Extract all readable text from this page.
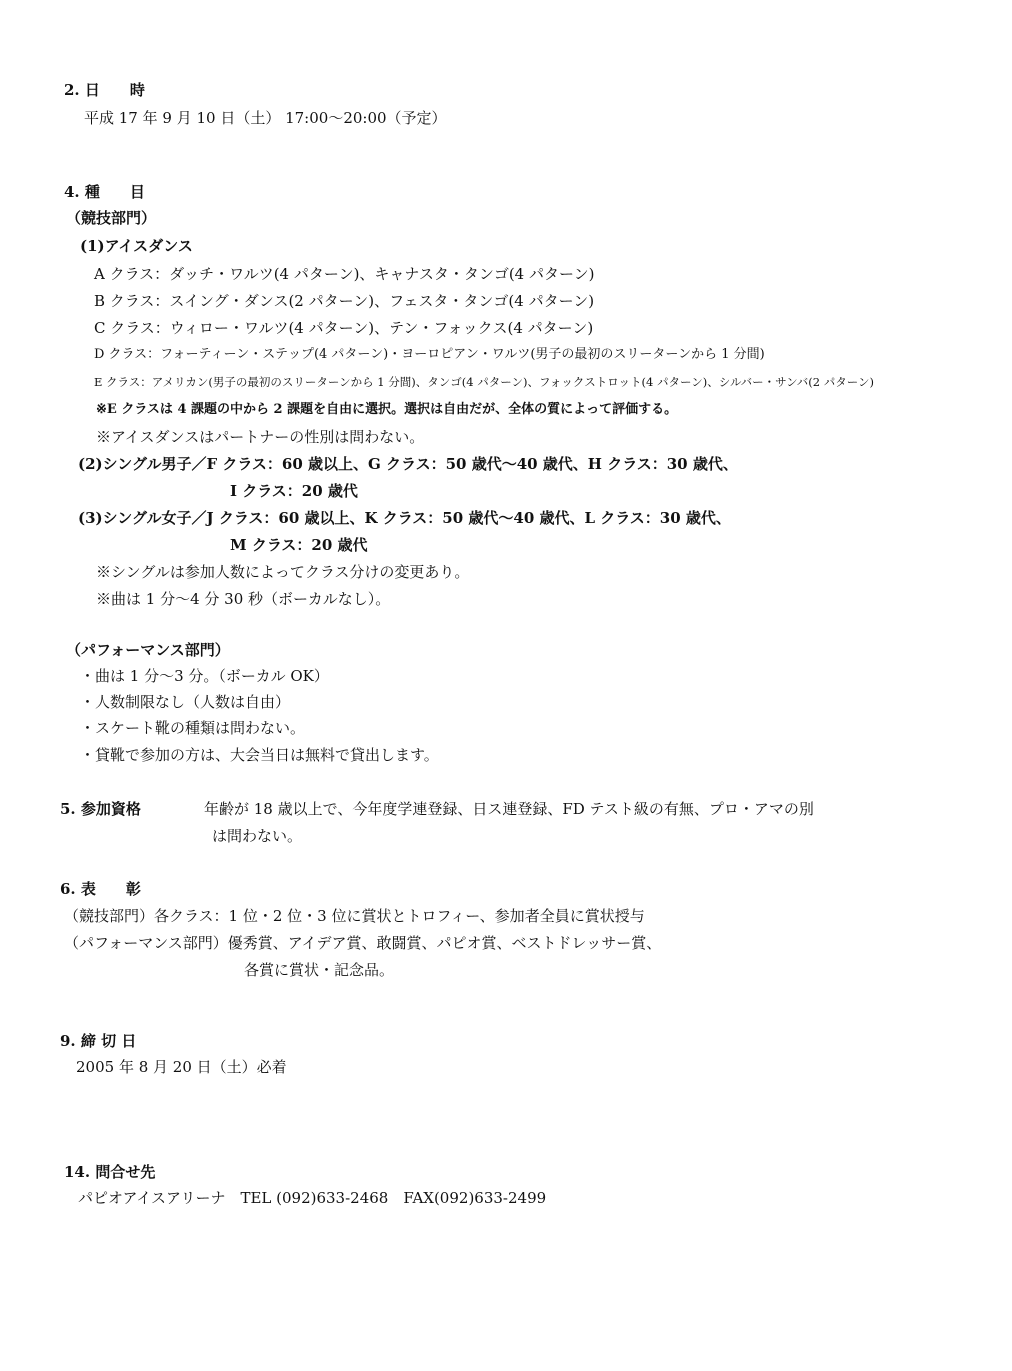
2. 日　　時
平成 17 年 9 月 10 日（土） 17:00〜20:00（予定）
4. 種　　目
（競技部門）
(1)アイスダンス
A クラス：ダッチ・ワルツ(4 パターン)、キャナスタ・タンゴ(4 パターン)
B クラス：スイング・ダンス(2 パターン)、フェスタ・タンゴ(4 パターン)
C クラス：ウィロー・ワルツ(4 パターン)、テン・フォックス(4 パターン)
D クラス：フォーティーン・ステップ(4 パターン)・ヨーロピアン・ワルツ(男子の最初のスリーターンから 1 分間)
E クラス：アメリカン(男子の最初のスリーターンから 1 分間)、タンゴ(4 パターン)、フォックストロット(4 パターン)、シルバー・サンバ(2 パターン)
※E クラスは 4 課題の中から 2 課題を自由に選択。選択は自由だが、全体の質によって評価する。
※アイスダンスはパートナーの性別は問わない。
(2)シングル男子／F クラス：60 歳以上、G クラス：50 歳代〜40 歳代、H クラス：30 歳代、
I クラス：20 歳代
(3)シングル女子／J クラス：60 歳以上、K クラス：50 歳代〜40 歳代、L クラス：30 歳代、
M クラス：20 歳代
※シングルは参加人数によってクラス分けの変更あり。
※曲は 1 分〜4 分 30 秒（ボーカルなし）。
（パフォーマンス部門）
・曲は 1 分〜3 分。（ボーカル OK）
・人数制限なし（人数は自由）
・スケート靴の種類は問わない。
・貸靴で参加の方は、大会当日は無料で貸出します。
5. 参加資格	年齢が 18 歳以上で、今年度学連登録、日ス連登録、FD テスト級の有無、プロ・アマの別
は問わない。
6. 表　　彰
（競技部門）各クラス：1 位・2 位・3 位に賞状とトロフィー、参加者全員に賞状授与
（パフォーマンス部門）優秀賞、アイデア賞、敢闘賞、パピオ賞、ベストドレッサー賞、
各賞に賞状・記念品。
9. 締 切 日
2005 年 8 月 20 日（土）必着
14. 問合せ先
パピオアイスアリーナ　TEL (092)633-2468　FAX(092)633-2499
